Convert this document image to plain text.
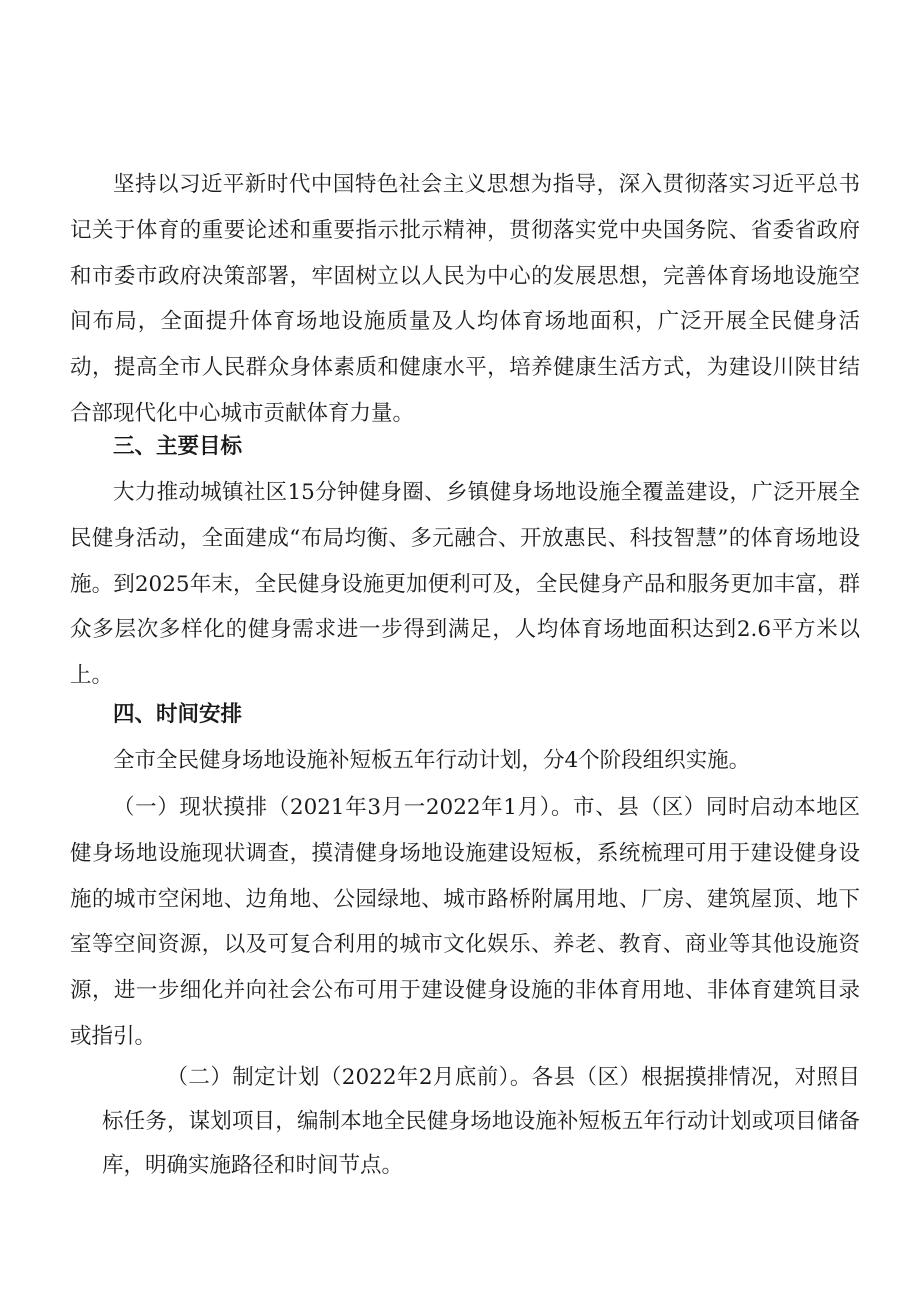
坚持以习近平新时代中国特色社会主义思想为指导，深入贯彻落实习近平总书记关于体育的重要论述和重要指示批示精神，贯彻落实党中央国务院、省委省政府和市委市政府决策部署，牢固树立以人民为中心的发展思想，完善体育场地设施空间布局，全面提升体育场地设施质量及人均体育场地面积，广泛开展全民健身活动，提高全市人民群众身体素质和健康水平，培养健康生活方式，为建设川陕甘结合部现代化中心城市贡献体育力量。

三、主要目标

大力推动城镇社区15分钟健身圈、乡镇健身场地设施全覆盖建设，广泛开展全民健身活动，全面建成“布局均衡、多元融合、开放惠民、科技智慧”的体育场地设施。到2025年末，全民健身设施更加便利可及，全民健身产品和服务更加丰富，群众多层次多样化的健身需求进一步得到满足，人均体育场地面积达到2.6平方米以上。

四、时间安排

全市全民健身场地设施补短板五年行动计划，分4个阶段组织实施。

（一）现状摸排（2021年3月一2022年1月）。市、县（区）同时启动本地区健身场地设施现状调查，摸清健身场地设施建设短板，系统梳理可用于建设健身设施的城市空闲地、边角地、公园绿地、城市路桥附属用地、厂房、建筑屋顶、地下室等空间资源，以及可复合利用的城市文化娱乐、养老、教育、商业等其他设施资源，进一步细化并向社会公布可用于建设健身设施的非体育用地、非体育建筑目录或指引。

（二）制定计划（2022年2月底前）。各县（区）根据摸排情况，对照目标任务，谋划项目，编制本地全民健身场地设施补短板五年行动计划或项目储备库，明确实施路径和时间节点。
